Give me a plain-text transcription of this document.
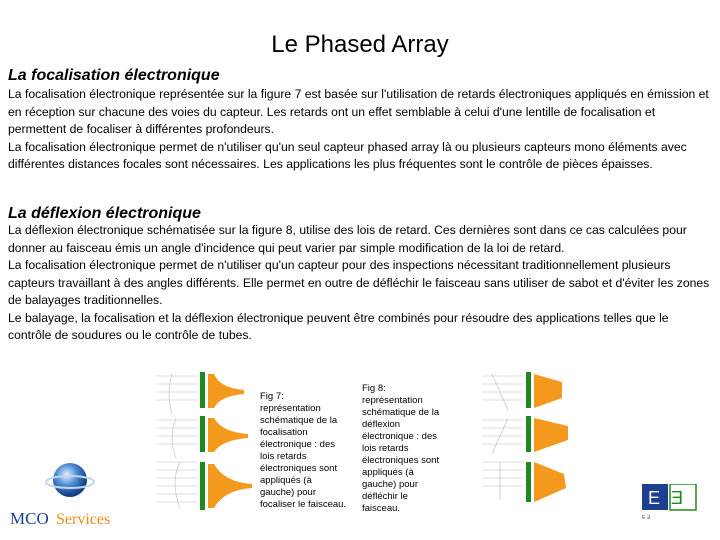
Le Phased Array
La focalisation électronique

La focalisation électronique représentée sur la figure 7 est basée sur l'utilisation de retards électroniques appliqués en émission et en réception sur chacune des voies du capteur. Les retards ont un effet semblable à celui d'une lentille de focalisation et permettent de focaliser à différentes profondeurs.
La focalisation électronique permet de n'utiliser qu'un seul capteur phased array là ou plusieurs capteurs mono éléments avec différentes distances focales sont nécessaires. Les applications les plus fréquentes sont le contrôle de pièces épaisses.

La déflexion électronique

La déflexion électronique schématisée sur la figure 8, utilise des lois de retard. Ces dernières sont dans ce cas calculées pour donner au faisceau émis un angle d'incidence qui peut varier par simple modification de la loi de retard.
La focalisation électronique permet de n'utiliser qu'un capteur pour des inspections nécessitant traditionnellement plusieurs capteurs travaillant à des angles différents. Elle permet en outre de défléchir le faisceau sans utiliser de sabot et d'éviter les zones de balayages traditionnelles.
Le balayage, la focalisation et la déflexion électronique peuvent être combinés pour résoudre des applications telles que le contrôle de soudures ou le contrôle de tubes.

Fig 7:
représentation
schématique de la
focalisation
électronique : des
lois retards
électroniques sont
appliqués (à
gauche) pour
focaliser le faisceau.
Fig 8:
représentation
schématique de la
déflexion
électronique : des
lois retards
électroniques sont
appliqués (à
gauche) pour
défléchir le
faisceau.
MCO Services
E E
E Ǝ
